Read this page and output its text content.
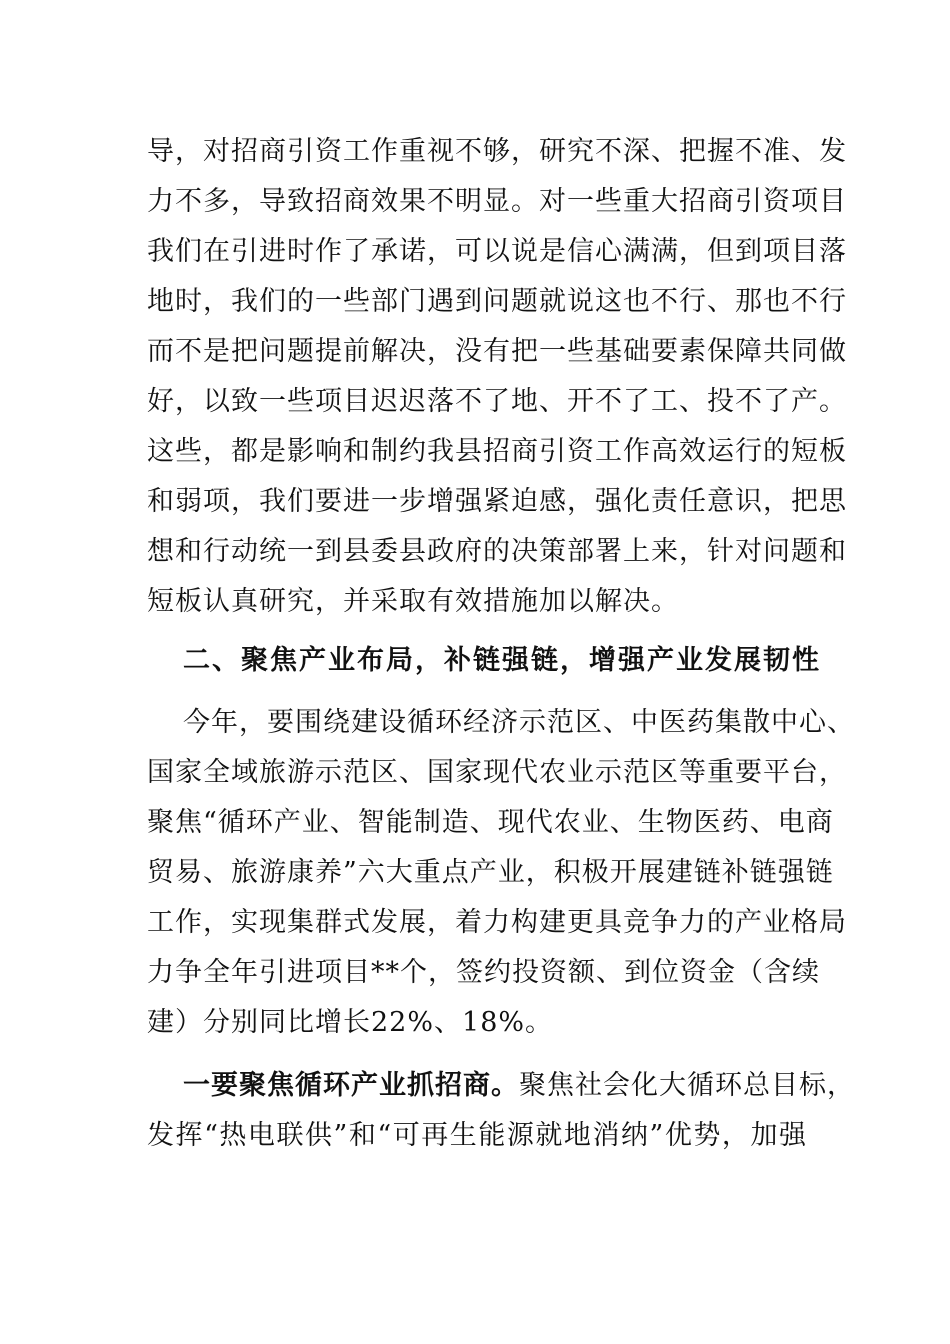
导，对招商引资工作重视不够，研究不深、把握不准、发
力不多，导致招商效果不明显。对一些重大招商引资项目
我们在引进时作了承诺，可以说是信心满满，但到项目落
地时，我们的一些部门遇到问题就说这也不行、那也不行
而不是把问题提前解决，没有把一些基础要素保障共同做
好，以致一些项目迟迟落不了地、开不了工、投不了产。
这些，都是影响和制约我县招商引资工作高效运行的短板
和弱项，我们要进一步增强紧迫感，强化责任意识，把思
想和行动统一到县委县政府的决策部署上来，针对问题和
短板认真研究，并采取有效措施加以解决。
二、聚焦产业布局，补链强链，增强产业发展韧性
今年，要围绕建设循环经济示范区、中医药集散中心、
国家全域旅游示范区、国家现代农业示范区等重要平台，
聚焦“循环产业、智能制造、现代农业、生物医药、电商
贸易、旅游康养”六大重点产业，积极开展建链补链强链
工作，实现集群式发展，着力构建更具竞争力的产业格局
力争全年引进项目**个，签约投资额、到位资金（含续
建）分别同比增长22%、18%。
一要聚焦循环产业抓招商。聚焦社会化大循环总目标，
发挥“热电联供”和“可再生能源就地消纳”优势，加强
